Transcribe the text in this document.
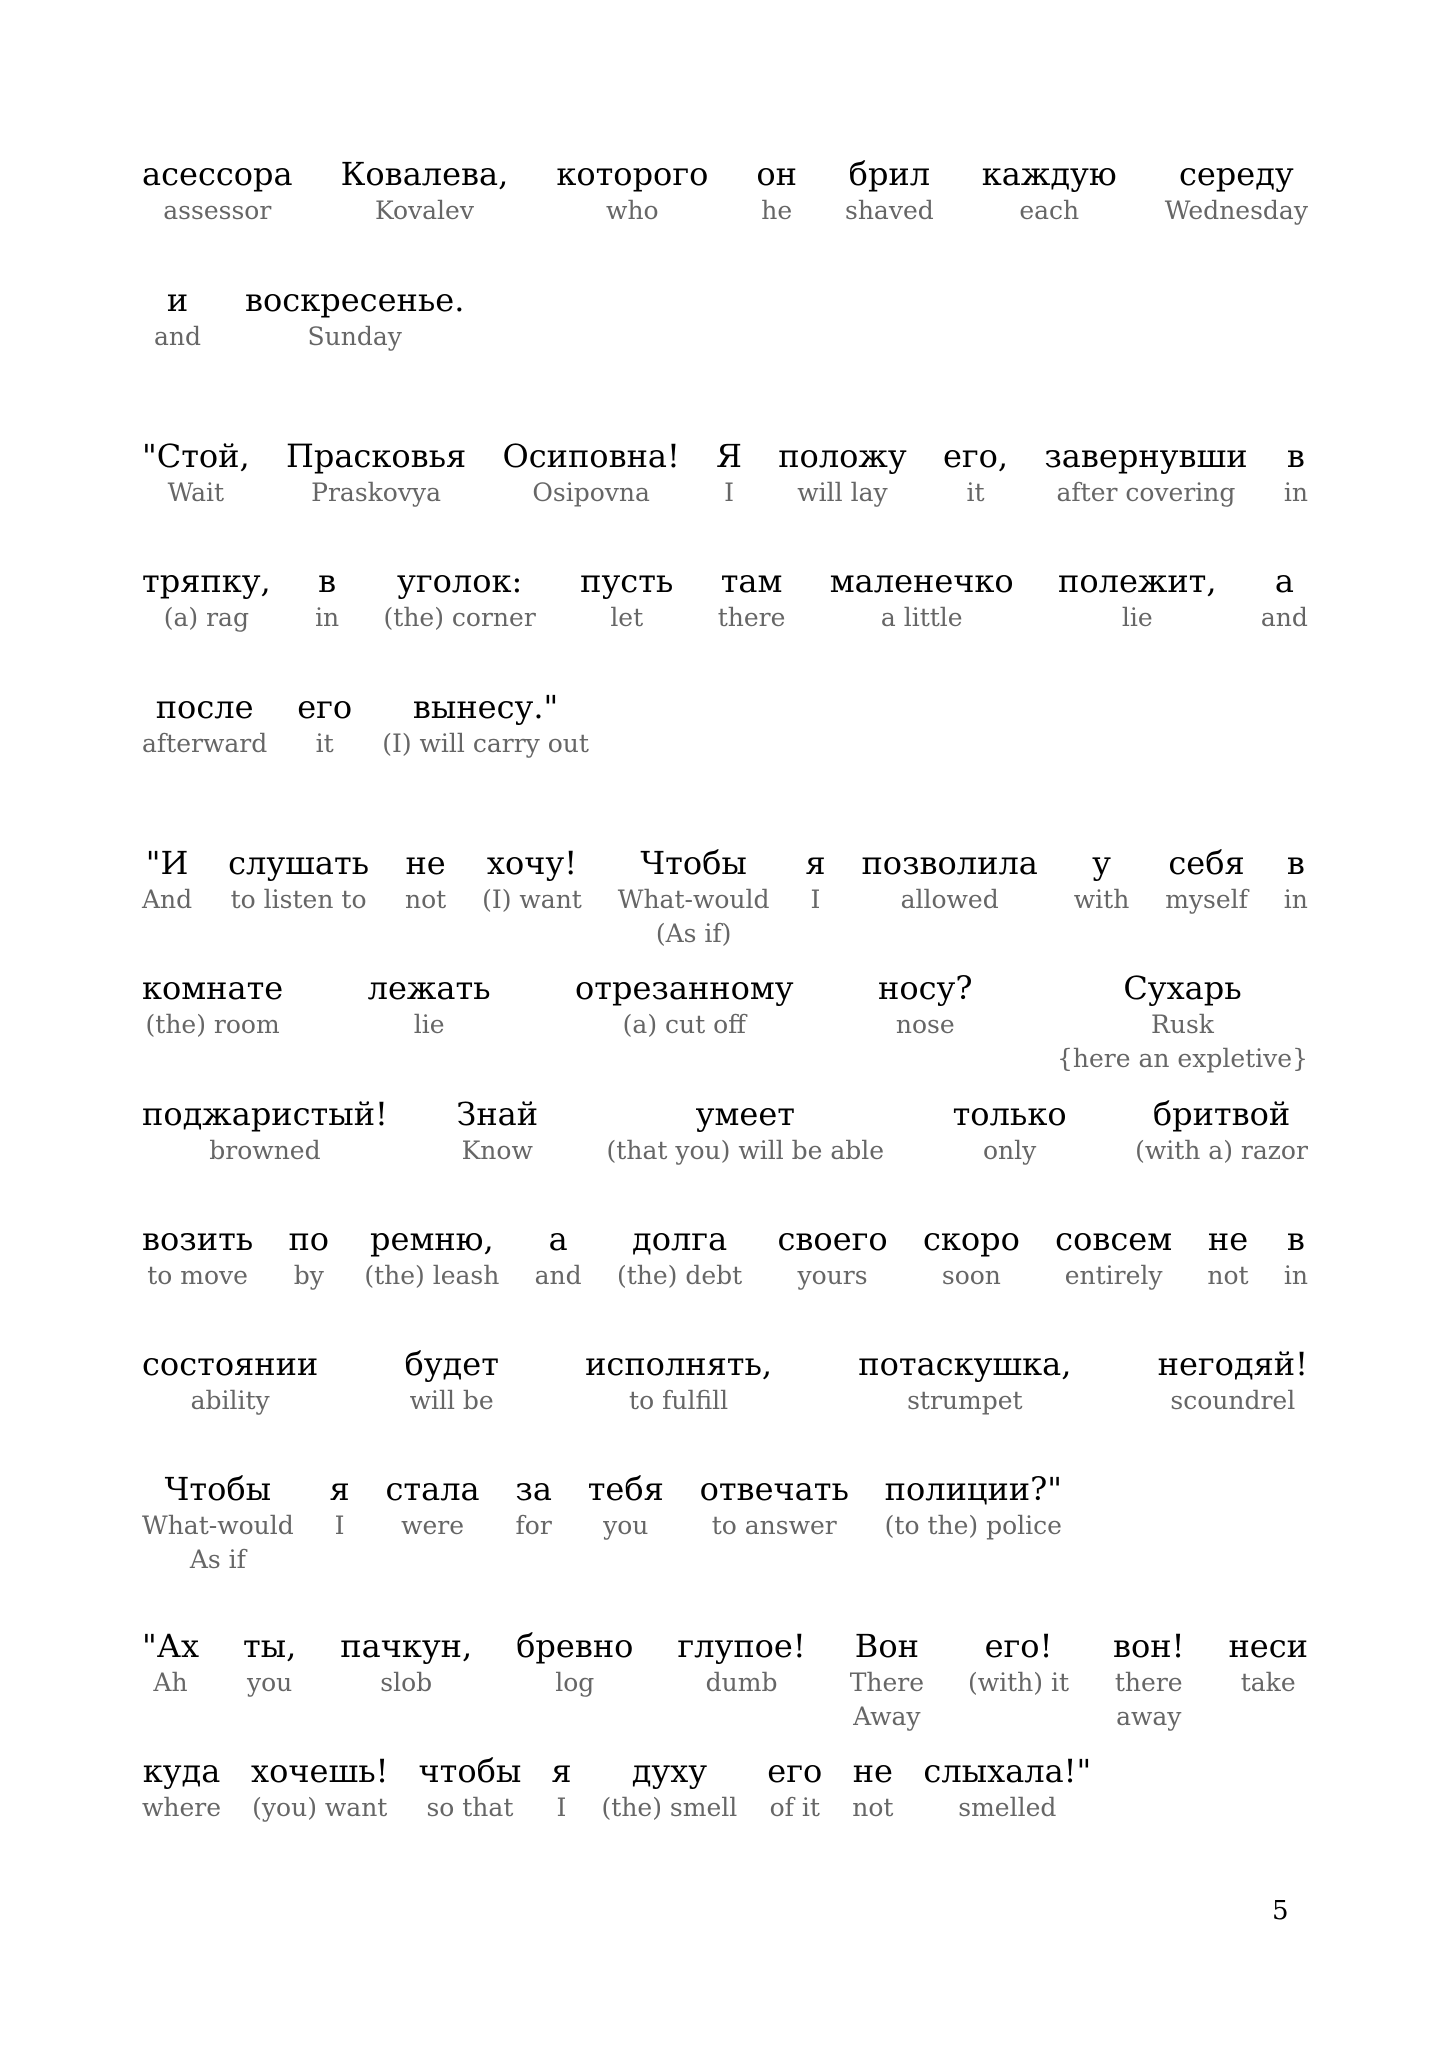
асессора
assessor
Ковалева,
Kovalev
которого
who
он
he
брил
shaved
каждую
each
середу
Wednesday
и
and
воскресенье.
Sunday
"Стой,
Wait
Прасковья
Praskovya
Осиповна!
Osipovna
Я
I
положу
will lay
его,
it
завернувши
after covering
в
in
тряпку,
(a) rag
в
in
уголок:
(the) corner
пусть
let
там
there
маленечко
a little
полежит,
lie
а
and
после
afterward
его
it
вынесу."
(I) will carry out
"И
And
слушать
to listen to
не
not
хочу!
(I) want
Чтобы
What-would
(As if)
я
I
позволила
allowed
у
with
себя
myself
в
in
комнате
(the) room
лежать
lie
отрезанному
(a) cut off
носу?
nose
Сухарь
Rusk
{here an expletive}
поджаристый!
browned
Знай
Know
умеет
(that you) will be able
только
only
бритвой
(with a) razor
возить
to move
по
by
ремню,
(the) leash
а
and
долга
(the) debt
своего
yours
скоро
soon
совсем
entirely
не
not
в
in
состоянии
ability
будет
will be
исполнять,
to fulfill
потаскушка,
strumpet
негодяй!
scoundrel
Чтобы
What-would
As if
я
I
стала
were
за
for
тебя
you
отвечать
to answer
полиции?"
(to the) police
"Ах
Ah
ты,
you
пачкун,
slob
бревно
log
глупое!
dumb
Вон
There
Away
его!
(with) it
вон!
there
away
неси
take
куда
where
хочешь!
(you) want
чтобы
so that
я
I
духу
(the) smell
его
of it
не
not
слыхала!"
smelled
5
